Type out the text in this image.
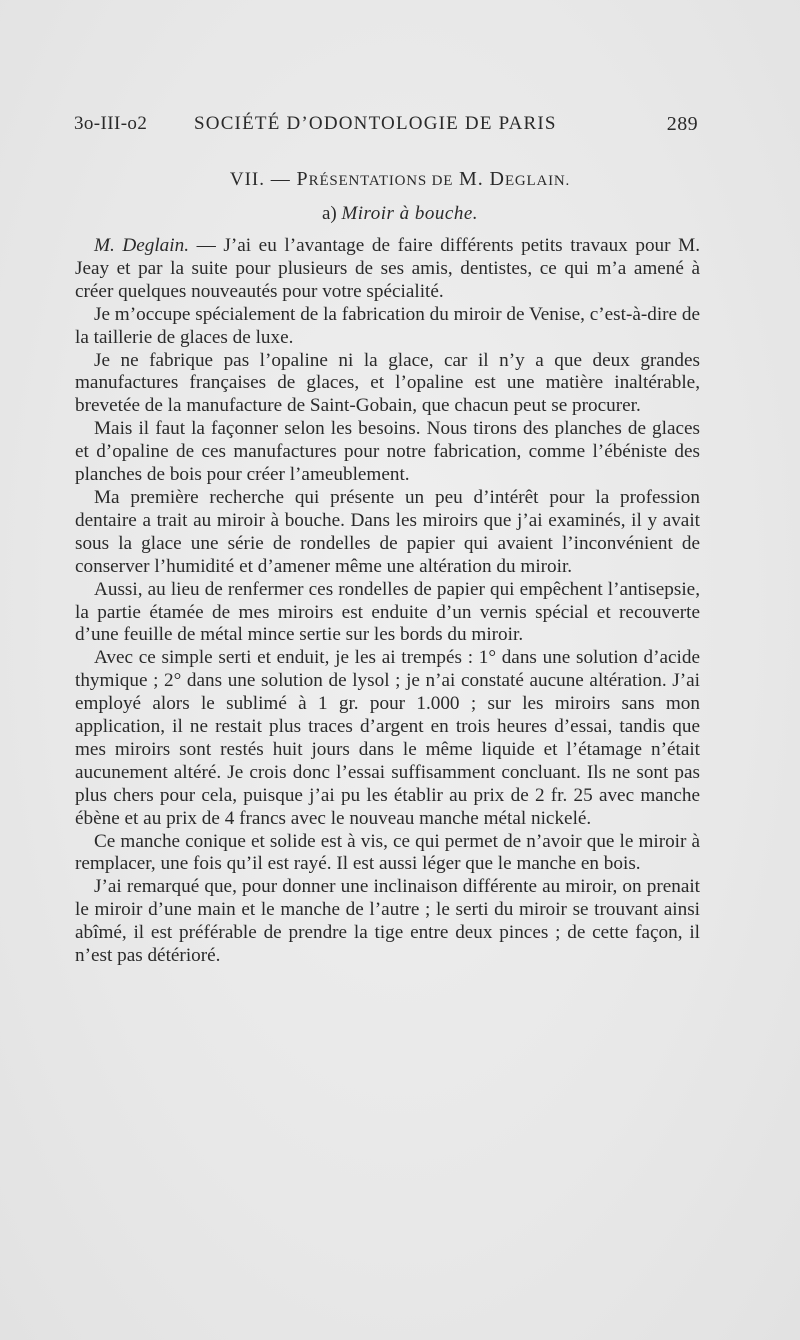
3o-III-o2 SOCIÉTÉ D’ODONTOLOGIE DE PARIS	289
VII. — PRÉSENTATIONS DE M. DEGLAIN.
a) Miroir à bouche.

M. Deglain. — J’ai eu l’avantage de faire différents petits travaux pour M. Jeay et par la suite pour plusieurs de ses amis, dentistes, ce qui m’a amené à créer quelques nouveautés pour votre spécialité.

Je m’occupe spécialement de la fabrication du miroir de Venise, c’est-à-dire de la taillerie de glaces de luxe.

Je ne fabrique pas l’opaline ni la glace, car il n’y a que deux grandes manufactures françaises de glaces, et l’opaline est une matière inaltérable, brevetée de la manufacture de Saint-Gobain, que chacun peut se procurer.

Mais il faut la façonner selon les besoins. Nous tirons des planches de glaces et d’opaline de ces manufactures pour notre fabrication, comme l’ébéniste des planches de bois pour créer l’ameublement.

Ma première recherche qui présente un peu d’intérêt pour la profession dentaire a trait au miroir à bouche. Dans les miroirs que j’ai examinés, il y avait sous la glace une série de rondelles de papier qui avaient l’inconvénient de conserver l’humidité et d’amener même une altération du miroir.

Aussi, au lieu de renfermer ces rondelles de papier qui empêchent l’antisepsie, la partie étamée de mes miroirs est enduite d’un vernis spécial et recouverte d’une feuille de métal mince sertie sur les bords du miroir.

Avec ce simple serti et enduit, je les ai trempés : 1° dans une solution d’acide thymique ; 2° dans une solution de lysol ; je n’ai constaté aucune altération. J’ai employé alors le sublimé à 1 gr. pour 1.000 ; sur les miroirs sans mon application, il ne restait plus traces d’argent en trois heures d’essai, tandis que mes miroirs sont restés huit jours dans le même liquide et l’étamage n’était aucunement altéré. Je crois donc l’essai suffisamment concluant. Ils ne sont pas plus chers pour cela, puisque j’ai pu les établir au prix de 2 fr. 25 avec manche ébène et au prix de 4 francs avec le nouveau manche métal nickelé.

Ce manche conique et solide est à vis, ce qui permet de n’avoir que le miroir à remplacer, une fois qu’il est rayé. Il est aussi léger que le manche en bois.

J’ai remarqué que, pour donner une inclinaison différente au miroir, on prenait le miroir d’une main et le manche de l’autre ; le serti du miroir se trouvant ainsi abîmé, il est préférable de prendre la tige entre deux pinces ; de cette façon, il n’est pas détérioré.
